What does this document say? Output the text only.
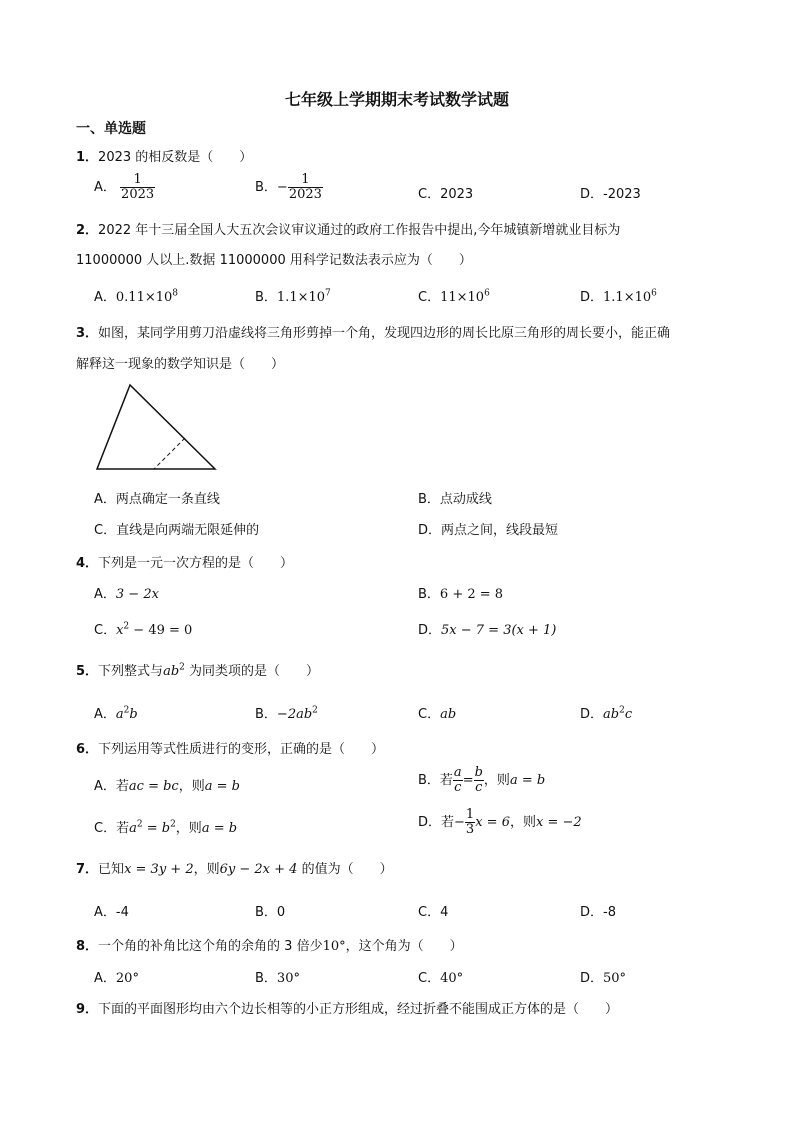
七年级上学期期末考试数学试题
一、单选题
1．2023 的相反数是（　　）
A． $\frac{1}{2023}$	B．− $\frac{1}{2023}$	C．2023	D．-2023
2．2022 年十三届全国人大五次会议审议通过的政府工作报告中提出,今年城镇新增就业目标为
11000000 人以上.数据 11000000 用科学记数法表示应为（　　）
A．$0.11\times 10^8$	B．$1.1\times 10^7$	C．$11\times 10^6$	D．$1.1\times 10^6$
3．如图，某同学用剪刀沿虚线将三角形剪掉一个角，发现四边形的周长比原三角形的周长要小，能正确
解释这一现象的数学知识是（　　）
A．两点确定一条直线	B．点动成线
C．直线是向两端无限延伸的	D．两点之间，线段最短
4．下列是一元一次方程的是（　　）
A．3 − 2x	B．6 + 2 = 8
C．$x^2 - 49 = 0$	D．5x − 7 = 3(x + 1)
5．下列整式与$ab^2$ 为同类项的是（　　）
A．$a^2b$	B．$-2ab^2$	C．ab	D．$ab^2c$
6．下列运用等式性质进行的变形，正确的是（　　）
A．若ac = bc，则a = b	B．若 $\frac{a}{c} = \frac{b}{c}$ ，则a = b
C．若$a^2 = b^2$，则a = b	D．若− $\frac{1}{3}$ x = 6，则x = −2
7．已知x = 3y + 2，则6y − 2x + 4 的值为（　　）
A．-4	B．0	C．4	D．-8
8．一个角的补角比这个角的余角的 3 倍少10°，这个角为（　　）
A．20°	B．30°	C．40°	D．50°
9．下面的平面图形均由六个边长相等的小正方形组成，经过折叠不能围成正方体的是（　　）
